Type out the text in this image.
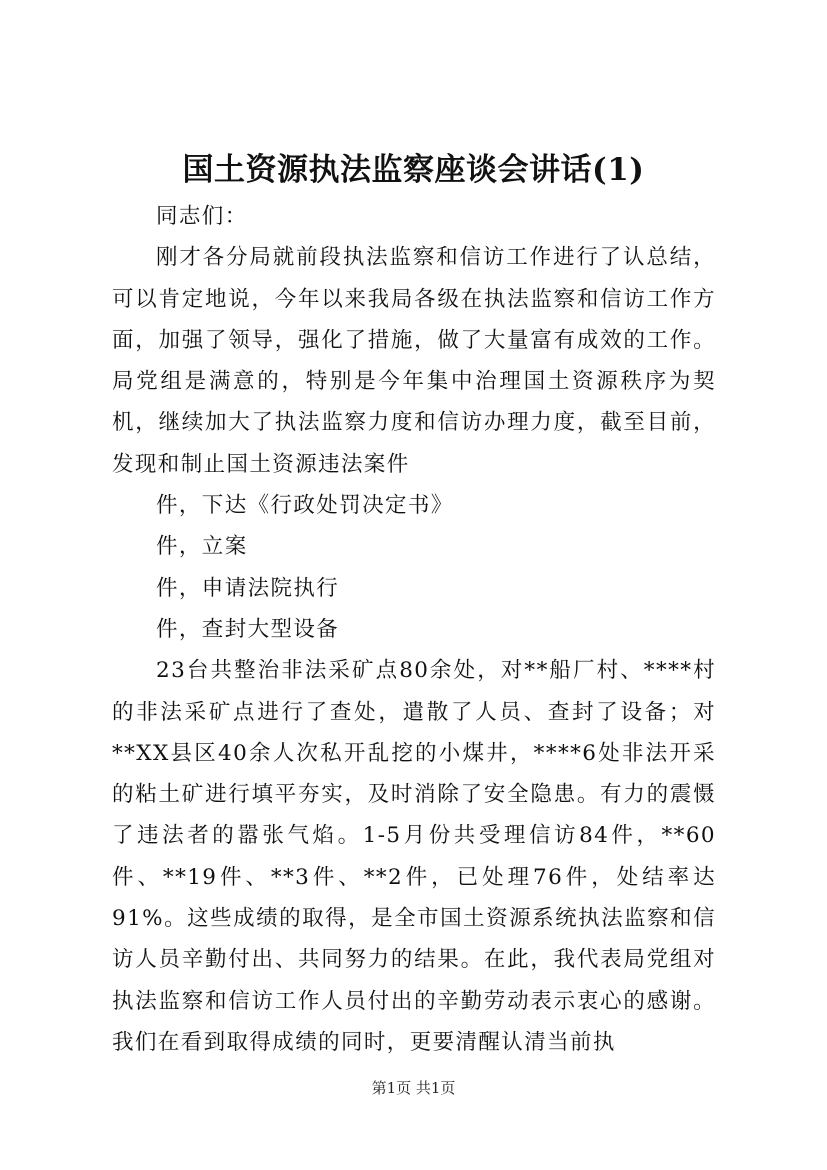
国土资源执法监察座谈会讲话(1)

同志们：

刚才各分局就前段执法监察和信访工作进行了认总结，可以肯定地说，今年以来我局各级在执法监察和信访工作方面，加强了领导，强化了措施，做了大量富有成效的工作。局党组是满意的，特别是今年集中治理国土资源秩序为契机，继续加大了执法监察力度和信访办理力度，截至目前，发现和制止国土资源违法案件

件，下达《行政处罚决定书》

件，立案

件，申请法院执行

件，查封大型设备

23台共整治非法采矿点80余处，对**船厂村、****村的非法采矿点进行了查处，遣散了人员、查封了设备；对**XX县区40余人次私开乱挖的小煤井，****6处非法开采的粘土矿进行填平夯实，及时消除了安全隐患。有力的震慑了违法者的嚣张气焰。1-5月份共受理信访84件，**60件、**19件、**3件、**2件，已处理76件，处结率达91%。这些成绩的取得，是全市国土资源系统执法监察和信访人员辛勤付出、共同努力的结果。在此，我代表局党组对执法监察和信访工作人员付出的辛勤劳动表示衷心的感谢。我们在看到取得成绩的同时，更要清醒认清当前执

第1页 共1页
